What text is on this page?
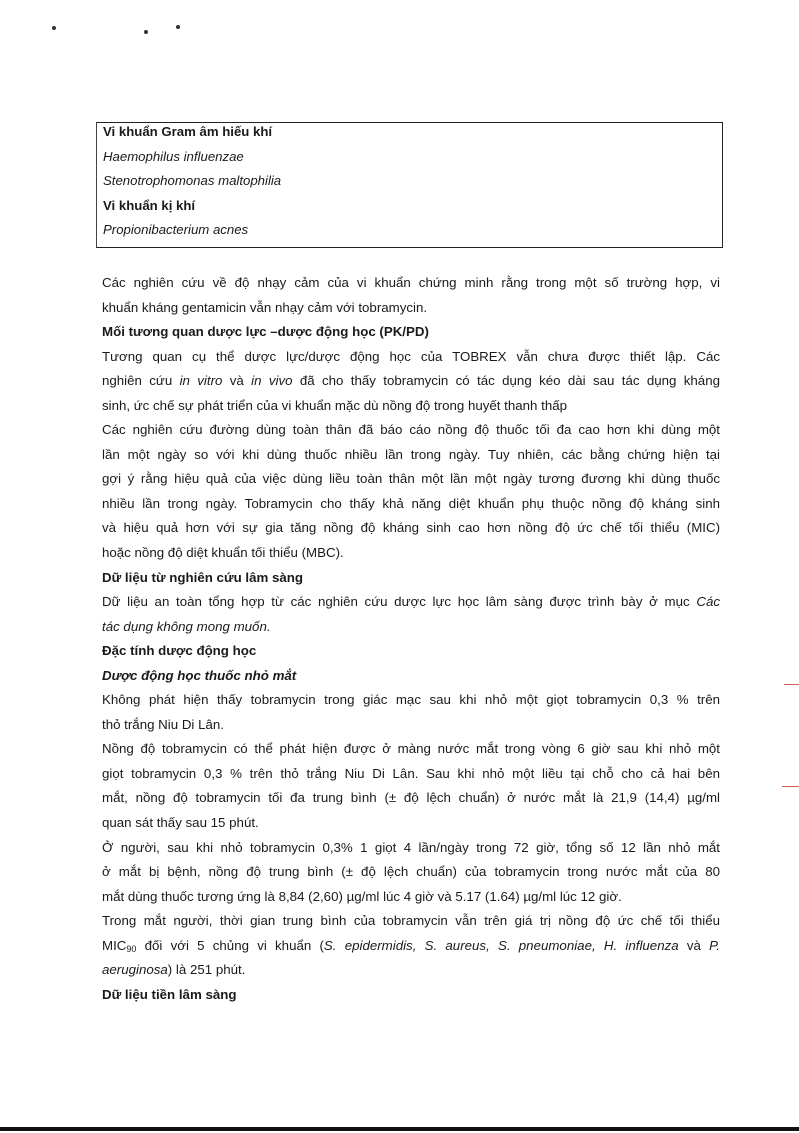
Vi khuẩn Gram âm hiếu khí
Haemophilus influenzae
Stenotrophomonas maltophilia
Vi khuẩn kị khí
Propionibacterium acnes

Các nghiên cứu về độ nhạy cảm của vi khuẩn chứng minh rằng trong một số trường hợp, vi

khuẩn kháng gentamicin vẫn nhạy cảm với tobramycin.

Mối tương quan dược lực –dược động học (PK/PD)

Tương quan cụ thể dược lực/dược động học của TOBREX vẫn chưa được thiết lập. Các

nghiên cứu in vitro và in vivo đã cho thấy tobramycin có tác dụng kéo dài sau tác dụng kháng

sinh, ức chế sự phát triển của vi khuẩn mặc dù nồng độ trong huyết thanh thấp

Các nghiên cứu đường dùng toàn thân đã báo cáo nồng độ thuốc tối đa cao hơn khi dùng một

lần một ngày so với khi dùng thuốc nhiều lần trong ngày. Tuy nhiên, các bằng chứng hiện tại

gợi ý rằng hiệu quả của việc dùng liều toàn thân một lần một ngày tương đương khi dùng thuốc

nhiều lần trong ngày. Tobramycin cho thấy khả năng diệt khuẩn phụ thuộc nồng độ kháng sinh

và hiệu quả hơn với sự gia tăng nồng độ kháng sinh cao hơn nồng độ ức chế tối thiểu (MIC)

hoặc nồng độ diệt khuẩn tối thiểu (MBC).

Dữ liệu từ nghiên cứu lâm sàng

Dữ liệu an toàn tổng hợp từ các nghiên cứu dược lực học lâm sàng được trình bày ở mục Các

tác dụng không mong muốn.

Đặc tính dược động học

Dược động học thuốc nhỏ mắt

Không phát hiện thấy tobramycin trong giác mạc sau khi nhỏ một giọt tobramycin 0,3 % trên

thỏ trắng Niu Di Lân.

Nồng độ tobramycin có thể phát hiện được ở màng nước mắt trong vòng 6 giờ sau khi nhỏ một

giọt tobramycin 0,3 % trên thỏ trắng Niu Di Lân. Sau khi nhỏ một liều tại chỗ cho cả hai bên

mắt, nồng độ tobramycin tối đa trung bình (± độ lệch chuẩn) ở nước mắt là 21,9 (14,4) µg/ml

quan sát thấy sau 15 phút.

Ở người, sau khi nhỏ tobramycin 0,3% 1 giọt 4 lần/ngày trong 72 giờ, tổng số 12 lần nhỏ mắt

ở mắt bị bệnh, nồng độ trung bình (± độ lệch chuẩn) của tobramycin trong nước mắt của 80

mắt dùng thuốc tương ứng là 8,84 (2,60) µg/ml lúc 4 giờ và 5.17 (1.64) µg/ml lúc 12 giờ.

Trong mắt người, thời gian trung bình của tobramycin vẫn trên giá trị nồng độ ức chế tối thiểu

$MIC_{90}$ đối với 5 chủng vi khuẩn (S. epidermidis, S. aureus, S. pneumoniae, H. influenza và P.

aeruginosa) là 251 phút.

Dữ liệu tiền lâm sàng
